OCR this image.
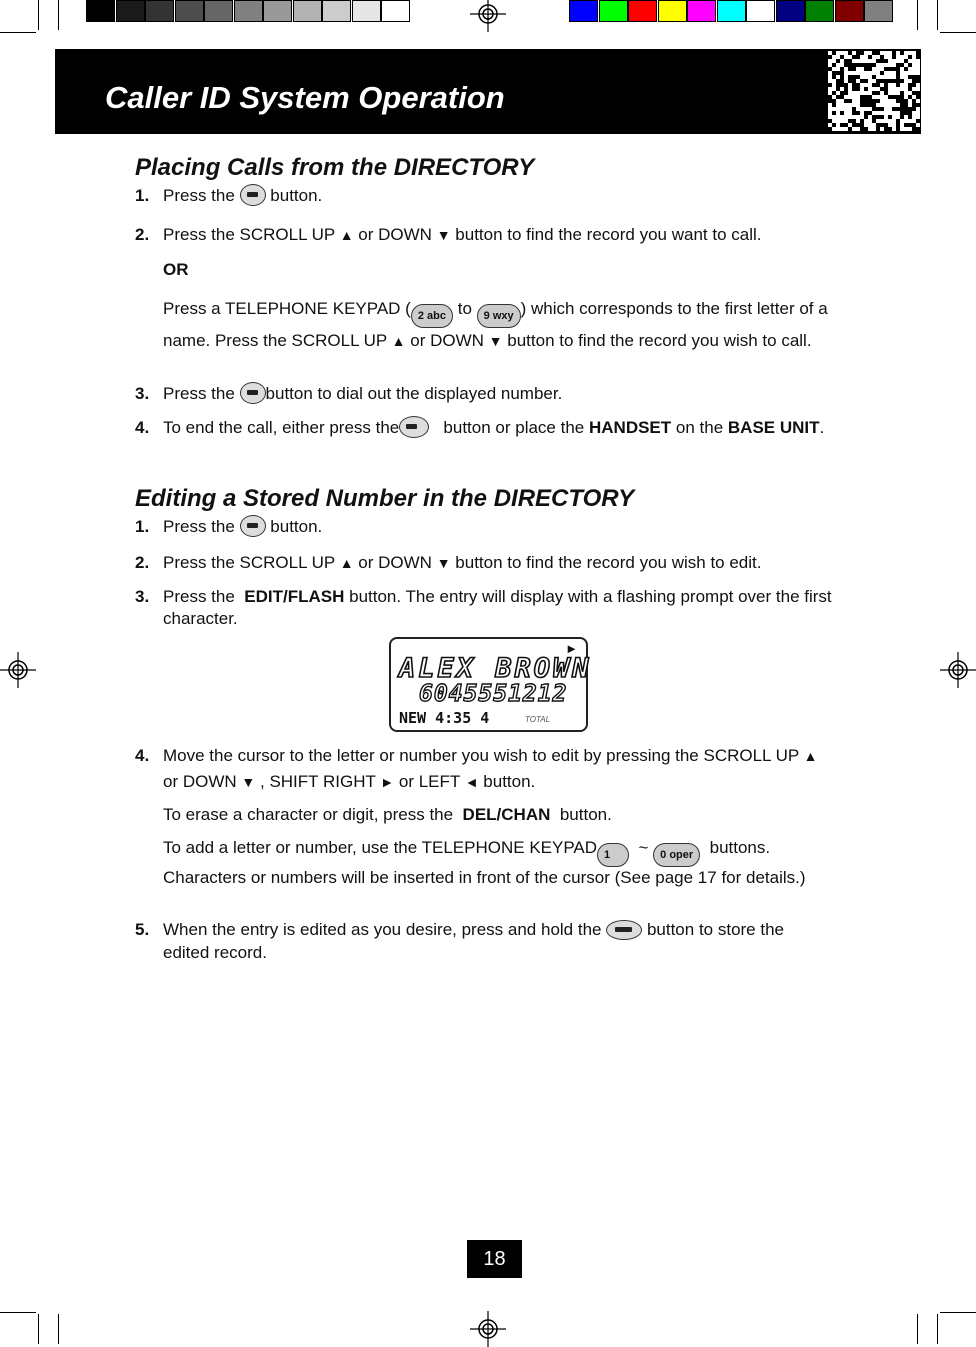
Caller ID System Operation
Placing Calls from the DIRECTORY
1. Press the button.
2. Press the SCROLL UP ▲ or DOWN ▼ button to find the record you want to call.
OR
Press a TELEPHONE KEYPAD ( 2 abc to 9 wxy ) which corresponds to the first letter of a name. Press the SCROLL UP ▲ or DOWN ▼ button to find the record you wish to call.
3. Press the button to dial out the displayed number.
4. To end the call, either press the	button or place the HANDSET on the BASE UNIT.
Editing a Stored Number in the DIRECTORY
1. Press the button.
2. Press the SCROLL UP ▲ or DOWN ▼ button to find the record you wish to edit.
3. Press the EDIT/FLASH button. The entry will display with a flashing prompt over the first character.
►
ALEX BROWN
6045551212
NEW 4:35 4	TOTAL
4. Move the cursor to the letter or number you wish to edit by pressing the SCROLL UP ▲ or DOWN ▼ , SHIFT RIGHT ► or LEFT ◄ button.
To erase a character or digit, press the DEL/CHAN button.
To add a letter or number, use the TELEPHONE KEYPAD 1 ~ 0 oper buttons. Characters or numbers will be inserted in front of the cursor (See page 17 for details.)
5. When the entry is edited as you desire, press and hold the	button to store the edited record.
18
